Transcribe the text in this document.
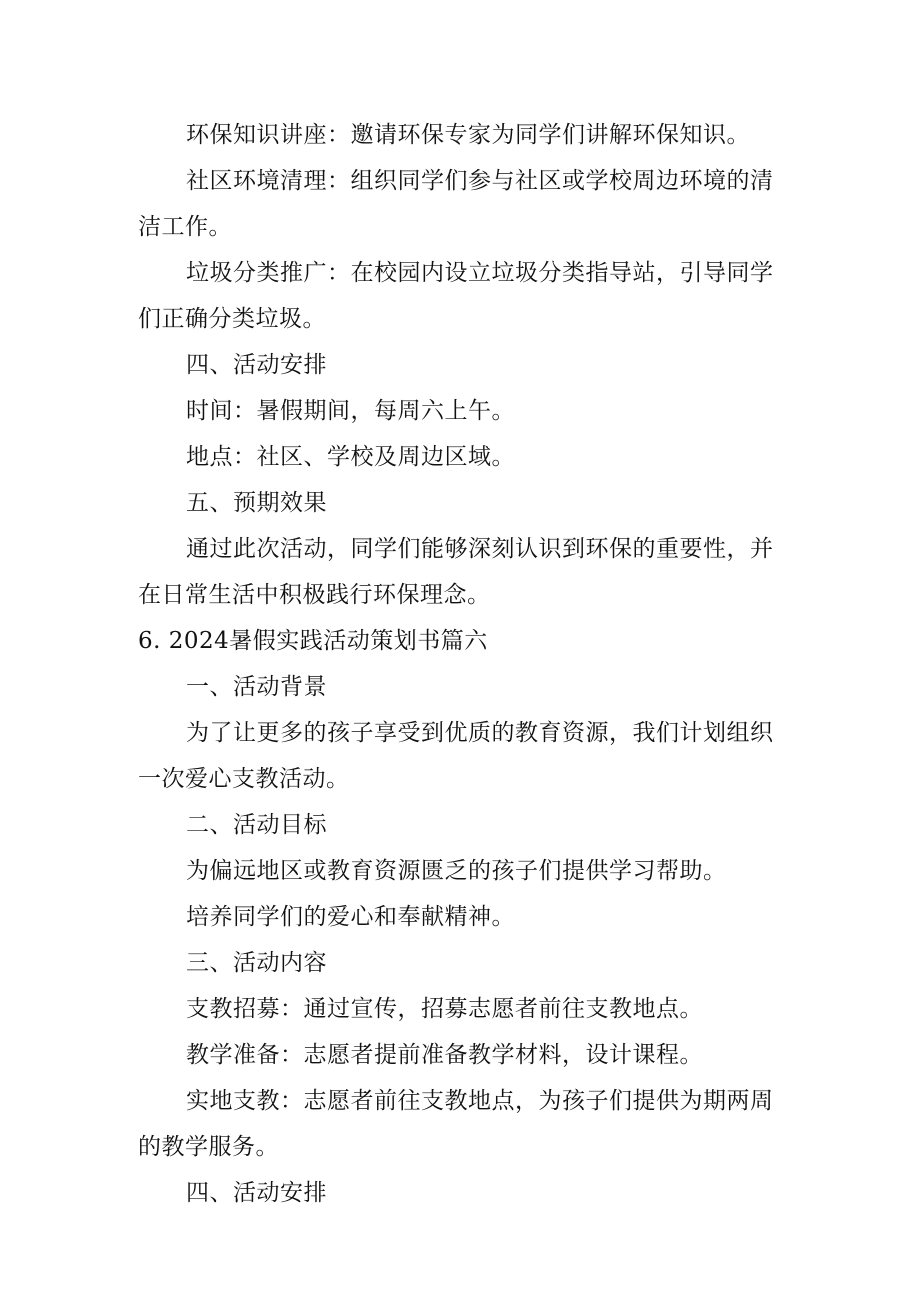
环保知识讲座：邀请环保专家为同学们讲解环保知识。

社区环境清理：组织同学们参与社区或学校周边环境的清洁工作。

垃圾分类推广：在校园内设立垃圾分类指导站，引导同学们正确分类垃圾。

四、活动安排

时间：暑假期间，每周六上午。

地点：社区、学校及周边区域。

五、预期效果

通过此次活动，同学们能够深刻认识到环保的重要性，并在日常生活中积极践行环保理念。

6. 2024暑假实践活动策划书篇六

一、活动背景

为了让更多的孩子享受到优质的教育资源，我们计划组织一次爱心支教活动。

二、活动目标

为偏远地区或教育资源匮乏的孩子们提供学习帮助。

培养同学们的爱心和奉献精神。

三、活动内容

支教招募：通过宣传，招募志愿者前往支教地点。

教学准备：志愿者提前准备教学材料，设计课程。

实地支教：志愿者前往支教地点，为孩子们提供为期两周的教学服务。

四、活动安排
